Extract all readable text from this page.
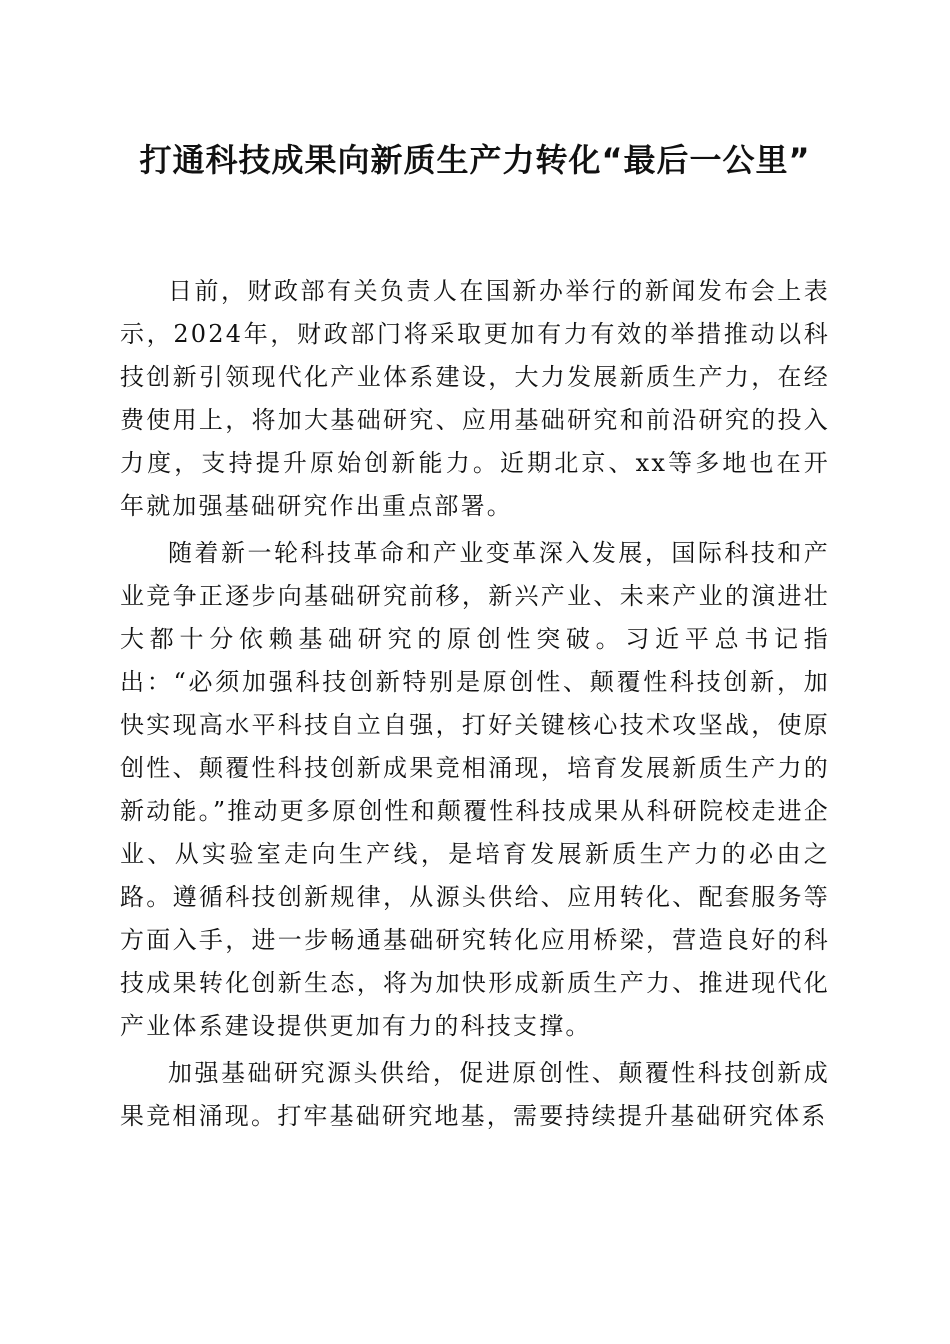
打通科技成果向新质生产力转化“最后一公里”

日前，财政部有关负责人在国新办举行的新闻发布会上表示，2024年，财政部门将采取更加有力有效的举措推动以科技创新引领现代化产业体系建设，大力发展新质生产力，在经费使用上，将加大基础研究、应用基础研究和前沿研究的投入力度，支持提升原始创新能力。近期北京、xx等多地也在开年就加强基础研究作出重点部署。

随着新一轮科技革命和产业变革深入发展，国际科技和产业竞争正逐步向基础研究前移，新兴产业、未来产业的演进壮大都十分依赖基础研究的原创性突破。习近平总书记指出：“必须加强科技创新特别是原创性、颠覆性科技创新，加快实现高水平科技自立自强，打好关键核心技术攻坚战，使原创性、颠覆性科技创新成果竞相涌现，培育发展新质生产力的新动能。”推动更多原创性和颠覆性科技成果从科研院校走进企业、从实验室走向生产线，是培育发展新质生产力的必由之路。遵循科技创新规律，从源头供给、应用转化、配套服务等方面入手，进一步畅通基础研究转化应用桥梁，营造良好的科技成果转化创新生态，将为加快形成新质生产力、推进现代化产业体系建设提供更加有力的科技支撑。

加强基础研究源头供给，促进原创性、颠覆性科技创新成果竞相涌现。打牢基础研究地基，需要持续提升基础研究体系
